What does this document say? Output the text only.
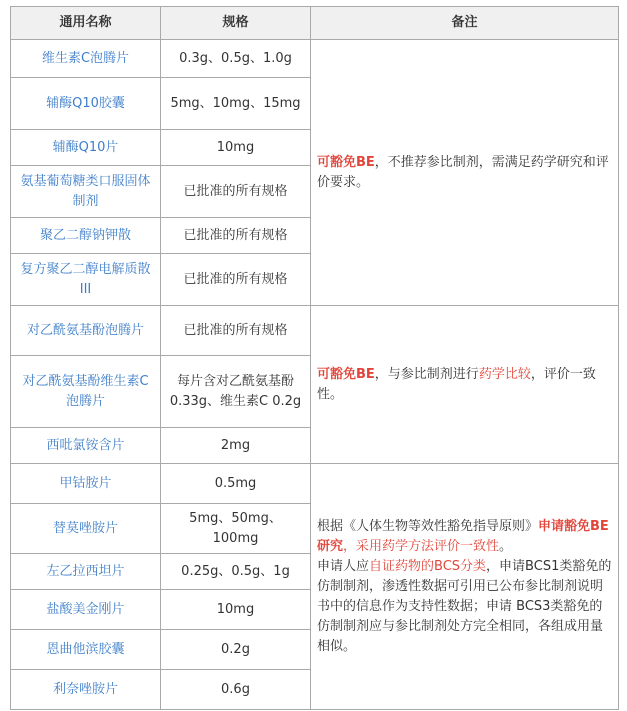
通用名称	规格	备注
维生素C泡腾片	0.3g、0.5g、1.0g	可豁免BE，不推荐参比制剂，需满足药学研究和评价要求。
辅酶Q10胶囊	5mg、10mg、15mg	
辅酶Q10片	10mg	
氨基葡萄糖类口服固体制剂	已批准的所有规格	
聚乙二醇钠钾散	已批准的所有规格	
复方聚乙二醇电解质散III	已批准的所有规格	
对乙酰氨基酚泡腾片	已批准的所有规格	可豁免BE，与参比制剂进行药学比较，评价一致性。
对乙酰氨基酚维生素C泡腾片	每片含对乙酰氨基酚0.33g、维生素C 0.2g	
西吡氯铵含片	2mg	
甲钴胺片	0.5mg	根据《人体生物等效性豁免指导原则》申请豁免BE研究，采用药学方法评价一致性。

申请人应自证药物的BCS分类，申请BCS1类豁免的仿制制剂，渗透性数据可引用已公布参比制剂说明书中的信息作为支持性数据；申请 BCS3类豁免的仿制制剂应与参比制剂处方完全相同，各组成用量相似。

替莫唑胺片	5mg、50mg、100mg	
左乙拉西坦片	0.25g、0.5g、1g	
盐酸美金刚片	10mg	
恩曲他滨胶囊	0.2g	
利奈唑胺片	0.6g	
